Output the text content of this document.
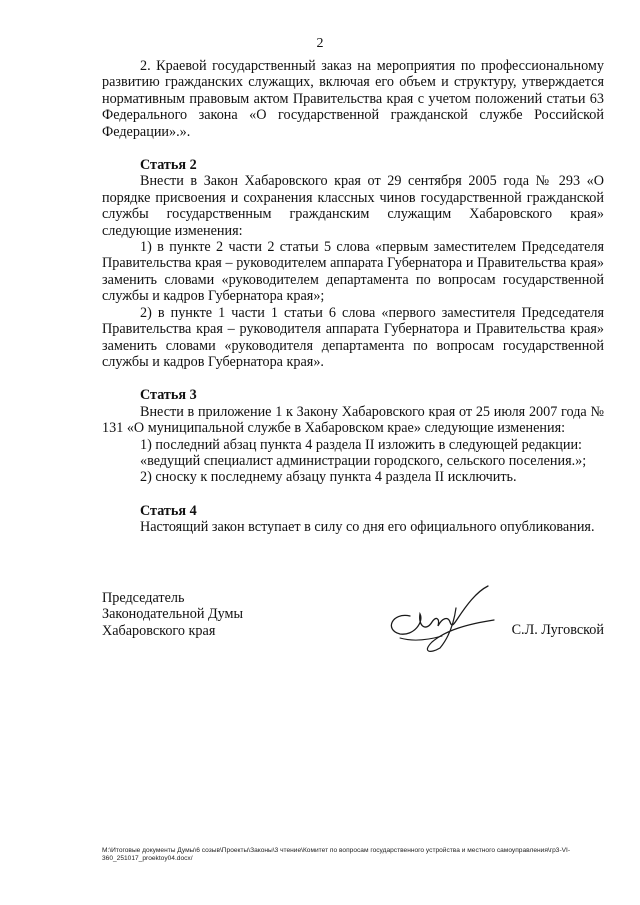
2

2. Краевой государственный заказ на мероприятия по профессиональному развитию гражданских служащих, включая его объем и структуру, утверждается нормативным правовым актом Правительства края с учетом положений статьи 63 Федерального закона «О государственной гражданской службе Российской Федерации».».

Статья 2

Внести в Закон Хабаровского края от 29 сентября 2005 года № 293 «О порядке присвоения и сохранения классных чинов государственной гражданской службы государственным гражданским служащим Хабаровского края» следующие изменения:

1) в пункте 2 части 2 статьи 5 слова «первым заместителем Председателя Правительства края – руководителем аппарата Губернатора и Правительства края» заменить словами «руководителем департамента по вопросам государственной службы и кадров Губернатора края»;

2) в пункте 1 части 1 статьи 6 слова «первого заместителя Председателя Правительства края – руководителя аппарата Губернатора и Правительства края» заменить словами «руководителя департамента по вопросам государственной службы и кадров Губернатора края».

Статья 3

Внести в приложение 1 к Закону Хабаровского края от 25 июля 2007 года № 131 «О муниципальной службе в Хабаровском крае» следующие изменения:

1) последний абзац пункта 4 раздела II изложить в следующей редакции:

«ведущий специалист администрации городского, сельского поселения.»;

2) сноску к последнему абзацу пункта 4 раздела II исключить.

Статья 4

Настоящий закон вступает в силу со дня его официального опубликования.

Председатель
Законодательной Думы
Хабаровского края	С.Л. Луговской
M:\Итоговые документы Думы\6 созыв\Проекты\Законы\3 чтение\Комитет по вопросам государственного устройства и местного самоуправления\гр3-VI-360_251017_proektoy04.docx/
